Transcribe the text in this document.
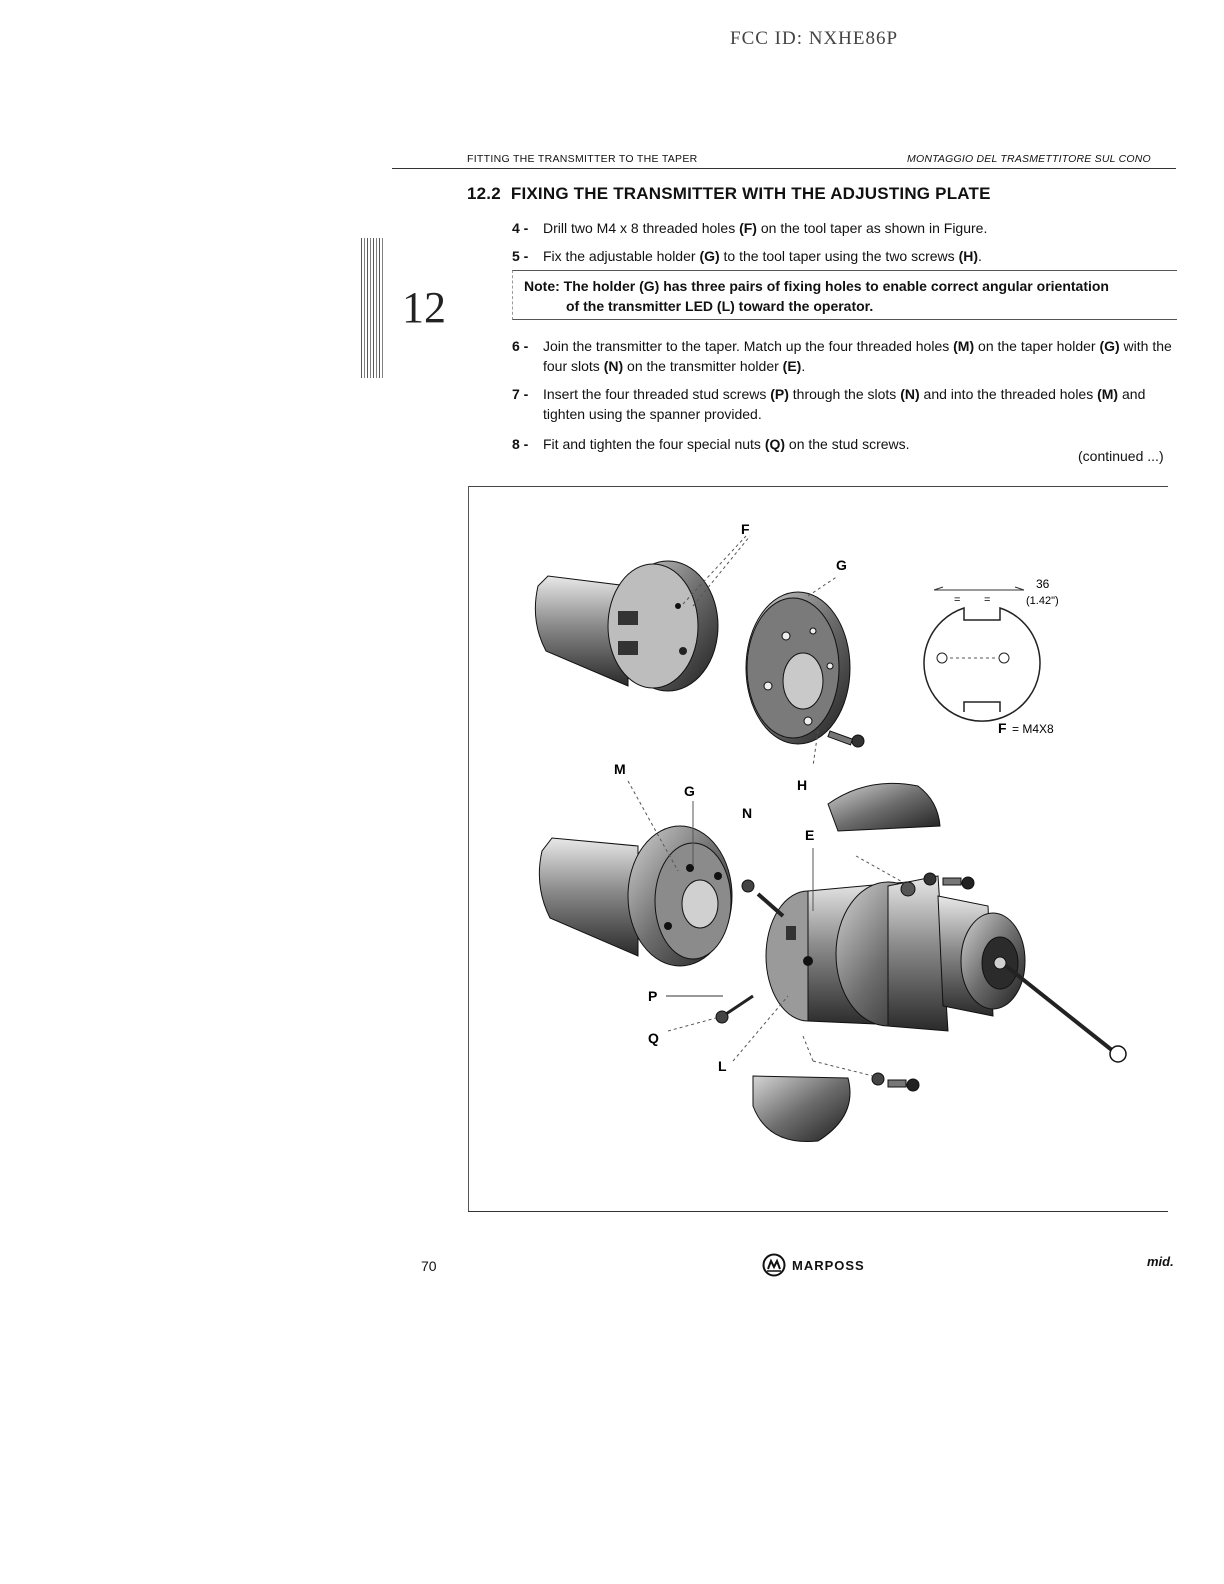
FCC ID: NXHE86P
FITTING THE TRANSMITTER TO THE TAPER	MONTAGGIO DEL TRASMETTITORE SUL CONO
12
12.2 FIXING THE TRANSMITTER WITH THE ADJUSTING PLATE
4 - Drill two M4 x 8 threaded holes (F) on the tool taper as shown in Figure.
5 - Fix the adjustable holder (G) to the tool taper using the two screws (H).
Note: The holder (G) has three pairs of fixing holes to enable correct angular orientation
of the transmitter LED (L) toward the operator.
6 - Join the transmitter to the taper. Match up the four threaded holes (M) on the taper holder (G) with the four slots (N) on the transmitter holder (E).
7 - Insert the four threaded stud screws (P) through the slots (N) and into the threaded holes (M) and tighten using the spanner provided.
8 - Fit and tighten the four special nuts (Q) on the stud screws.
(continued ...)
F
G
H
= =
36
(1.42")
F = M4X8
M
G
N
E
P
Q
L
70	MARPOSS	mid.
